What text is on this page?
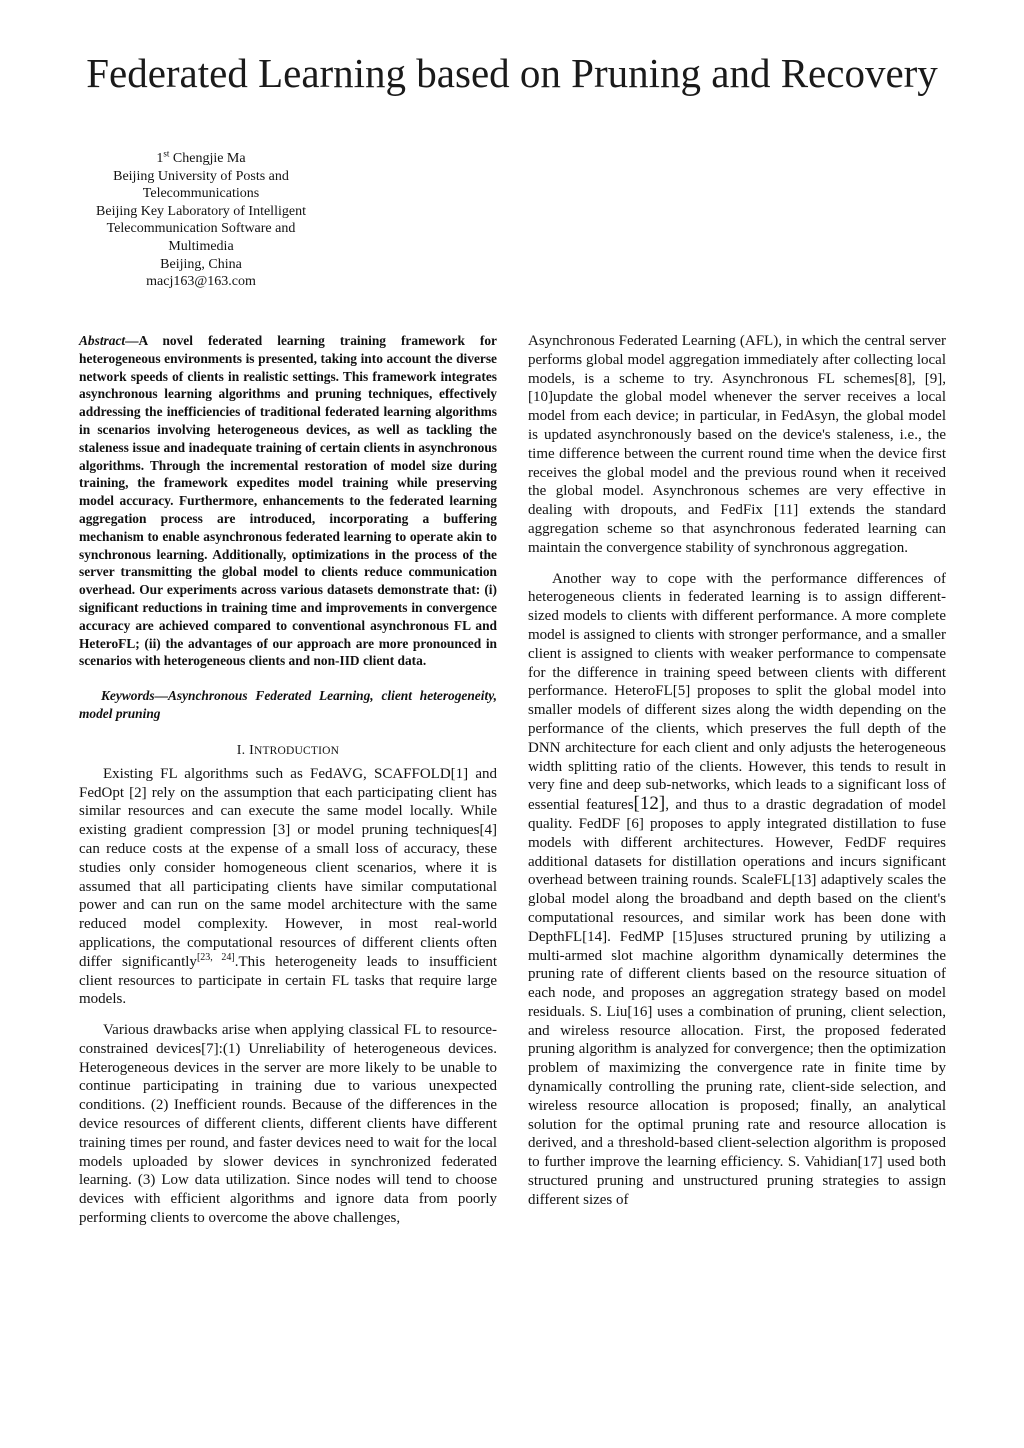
Federated Learning based on Pruning and Recovery
1st Chengjie Ma
Beijing University of Posts and
Telecommunications
Beijing Key Laboratory of Intelligent
Telecommunication Software and
Multimedia
Beijing, China
macj163@163.com

Abstract—A novel federated learning training framework for heterogeneous environments is presented, taking into account the diverse network speeds of clients in realistic settings. This framework integrates asynchronous learning algorithms and pruning techniques, effectively addressing the inefficiencies of traditional federated learning algorithms in scenarios involving heterogeneous devices, as well as tackling the staleness issue and inadequate training of certain clients in asynchronous algorithms. Through the incremental restoration of model size during training, the framework expedites model training while preserving model accuracy. Furthermore, enhancements to the federated learning aggregation process are introduced, incorporating a buffering mechanism to enable asynchronous federated learning to operate akin to synchronous learning. Additionally, optimizations in the process of the server transmitting the global model to clients reduce communication overhead. Our experiments across various datasets demonstrate that: (i) significant reductions in training time and improvements in convergence accuracy are achieved compared to conventional asynchronous FL and HeteroFL; (ii) the advantages of our approach are more pronounced in scenarios with heterogeneous clients and non-IID client data.

Keywords—Asynchronous Federated Learning, client heterogeneity, model pruning

I. INTRODUCTION

Existing FL algorithms such as FedAVG, SCAFFOLD[1] and FedOpt [2] rely on the assumption that each participating client has similar resources and can execute the same model locally. While existing gradient compression [3] or model pruning techniques[4] can reduce costs at the expense of a small loss of accuracy, these studies only consider homogeneous client scenarios, where it is assumed that all participating clients have similar computational power and can run on the same model architecture with the same reduced model complexity. However, in most real-world applications, the computational resources of different clients often differ significantly[23, 24].This heterogeneity leads to insufficient client resources to participate in certain FL tasks that require large models.

Various drawbacks arise when applying classical FL to resource-constrained devices[7]:(1) Unreliability of heterogeneous devices. Heterogeneous devices in the server are more likely to be unable to continue participating in training due to various unexpected conditions. (2) Inefficient rounds. Because of the differences in the device resources of different clients, different clients have different training times per round, and faster devices need to wait for the local models uploaded by slower devices in synchronized federated learning. (3) Low data utilization. Since nodes will tend to choose devices with efficient algorithms and ignore data from poorly performing clients to overcome the above challenges,

Asynchronous Federated Learning (AFL), in which the central server performs global model aggregation immediately after collecting local models, is a scheme to try. Asynchronous FL schemes[8], [9], [10]update the global model whenever the server receives a local model from each device; in particular, in FedAsyn, the global model is updated asynchronously based on the device's staleness, i.e., the time difference between the current round time when the device first receives the global model and the previous round when it received the global model. Asynchronous schemes are very effective in dealing with dropouts, and FedFix [11] extends the standard aggregation scheme so that asynchronous federated learning can maintain the convergence stability of synchronous aggregation.

Another way to cope with the performance differences of heterogeneous clients in federated learning is to assign different-sized models to clients with different performance. A more complete model is assigned to clients with stronger performance, and a smaller client is assigned to clients with weaker performance to compensate for the difference in training speed between clients with different performance. HeteroFL[5] proposes to split the global model into smaller models of different sizes along the width depending on the performance of the clients, which preserves the full depth of the DNN architecture for each client and only adjusts the heterogeneous width splitting ratio of the clients. However, this tends to result in very fine and deep sub-networks, which leads to a significant loss of essential features[12], and thus to a drastic degradation of model quality. FedDF [6] proposes to apply integrated distillation to fuse models with different architectures. However, FedDF requires additional datasets for distillation operations and incurs significant overhead between training rounds. ScaleFL[13] adaptively scales the global model along the broadband and depth based on the client's computational resources, and similar work has been done with DepthFL[14]. FedMP [15]uses structured pruning by utilizing a multi-armed slot machine algorithm dynamically determines the pruning rate of different clients based on the resource situation of each node, and proposes an aggregation strategy based on model residuals. S. Liu[16] uses a combination of pruning, client selection, and wireless resource allocation. First, the proposed federated pruning algorithm is analyzed for convergence; then the optimization problem of maximizing the convergence rate in finite time by dynamically controlling the pruning rate, client-side selection, and wireless resource allocation is proposed; finally, an analytical solution for the optimal pruning rate and resource allocation is derived, and a threshold-based client-selection algorithm is proposed to further improve the learning efficiency. S. Vahidian[17] used both structured pruning and unstructured pruning strategies to assign different sizes of
